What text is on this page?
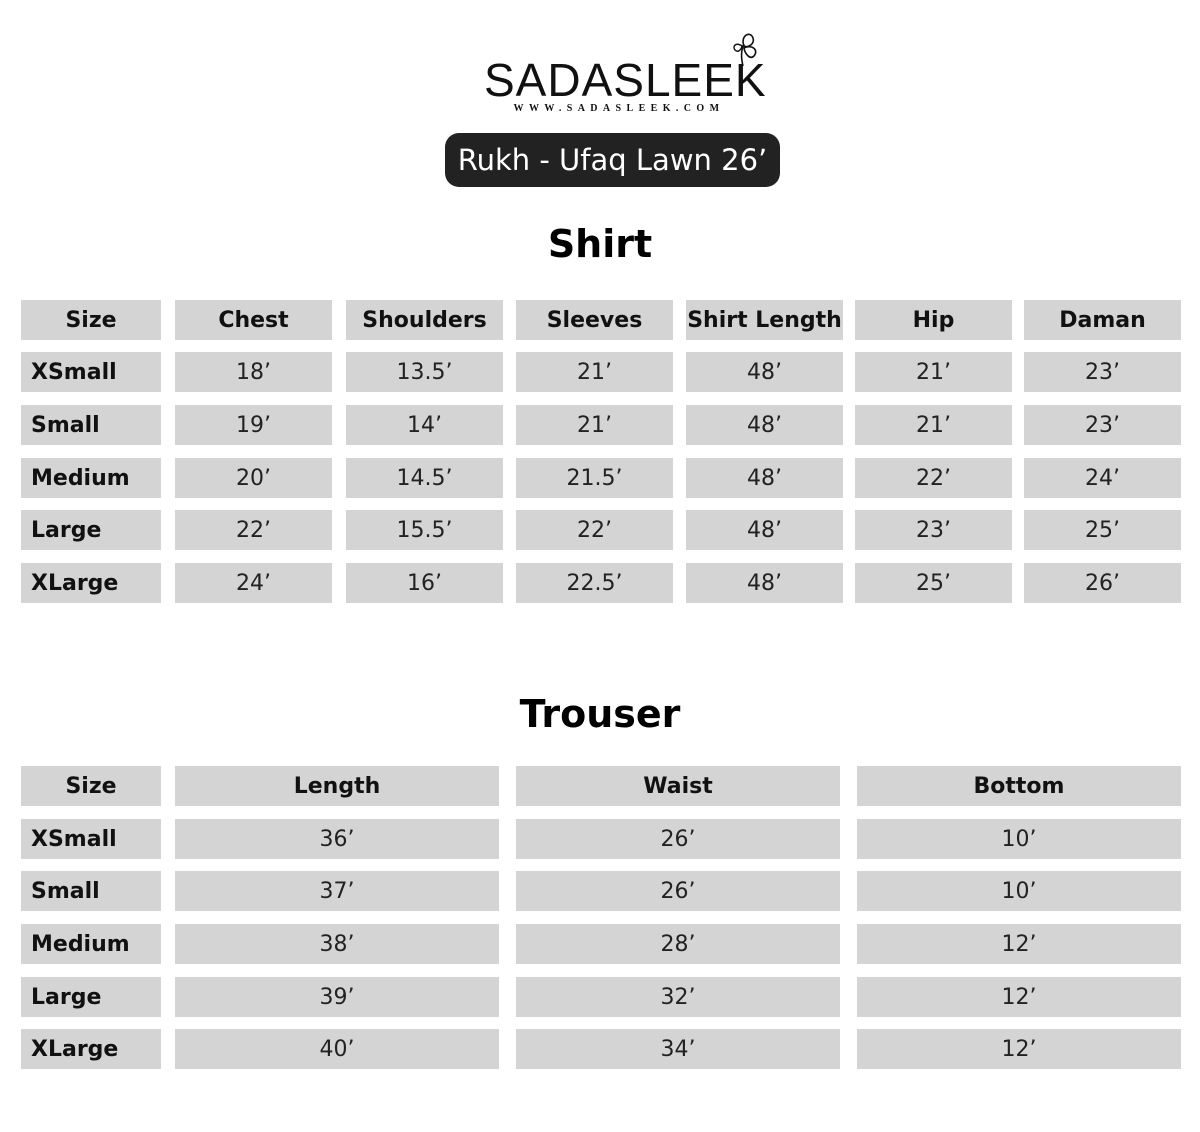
SADASLEEK
WWW.SADASLEEK.COM
Rukh - Ufaq Lawn 26’
Shirt
Size	Chest	Shoulders	Sleeves	Shirt Length	Hip	Daman
XSmall	18’	13.5’	21’	48’	21’	23’
Small	19’	14’	21’	48’	21’	23’
Medium	20’	14.5’	21.5’	48’	22’	24’
Large	22’	15.5’	22’	48’	23’	25’
XLarge	24’	16’	22.5’	48’	25’	26’
Trouser
Size	Length	Waist	Bottom
XSmall	36’	26’	10’
Small	37’	26’	10’
Medium	38’	28’	12’
Large	39’	32’	12’
XLarge	40’	34’	12’
